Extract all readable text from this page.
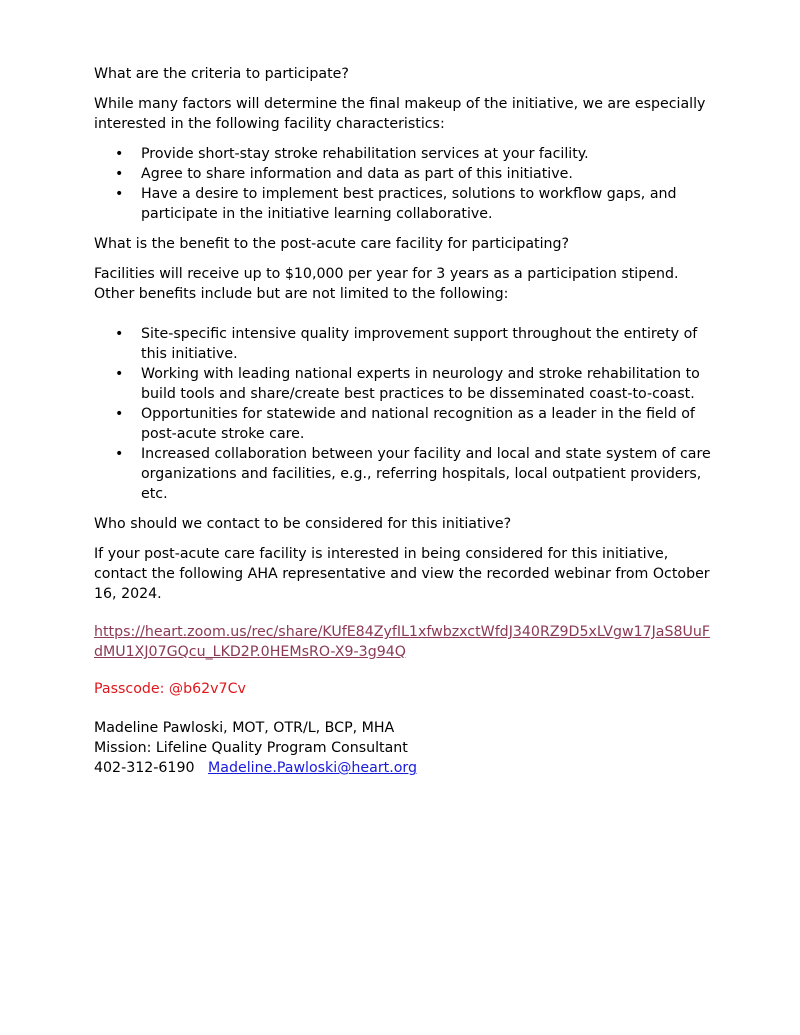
What are the criteria to participate?

While many factors will determine the final makeup of the initiative, we are especially interested in the following facility characteristics:

• Provide short-stay stroke rehabilitation services at your facility.
• Agree to share information and data as part of this initiative.
• Have a desire to implement best practices, solutions to workflow gaps, and participate in the initiative learning collaborative.

What is the benefit to the post-acute care facility for participating?

Facilities will receive up to $10,000 per year for 3 years as a participation stipend. Other benefits include but are not limited to the following:

• Site-specific intensive quality improvement support throughout the entirety of this initiative.
• Working with leading national experts in neurology and stroke rehabilitation to build tools and share/create best practices to be disseminated coast-to-coast.
• Opportunities for statewide and national recognition as a leader in the field of post-acute stroke care.
• Increased collaboration between your facility and local and state system of care organizations and facilities, e.g., referring hospitals, local outpatient providers, etc.

Who should we contact to be considered for this initiative?

If your post-acute care facility is interested in being considered for this initiative, contact the following AHA representative and view the recorded webinar from October 16, 2024.

https://heart.zoom.us/rec/share/KUfE84ZyfIL1xfwbzxctWfdJ340RZ9D5xLVgw17JaS8UuFdMU1XJ07GQcu_LKD2P.0HEMsRO-X9-3g94Q

Passcode: @b62v7Cv

Madeline Pawloski, MOT, OTR/L, BCP, MHA

Mission: Lifeline Quality Program Consultant

402-312-6190 Madeline.Pawloski@heart.org
